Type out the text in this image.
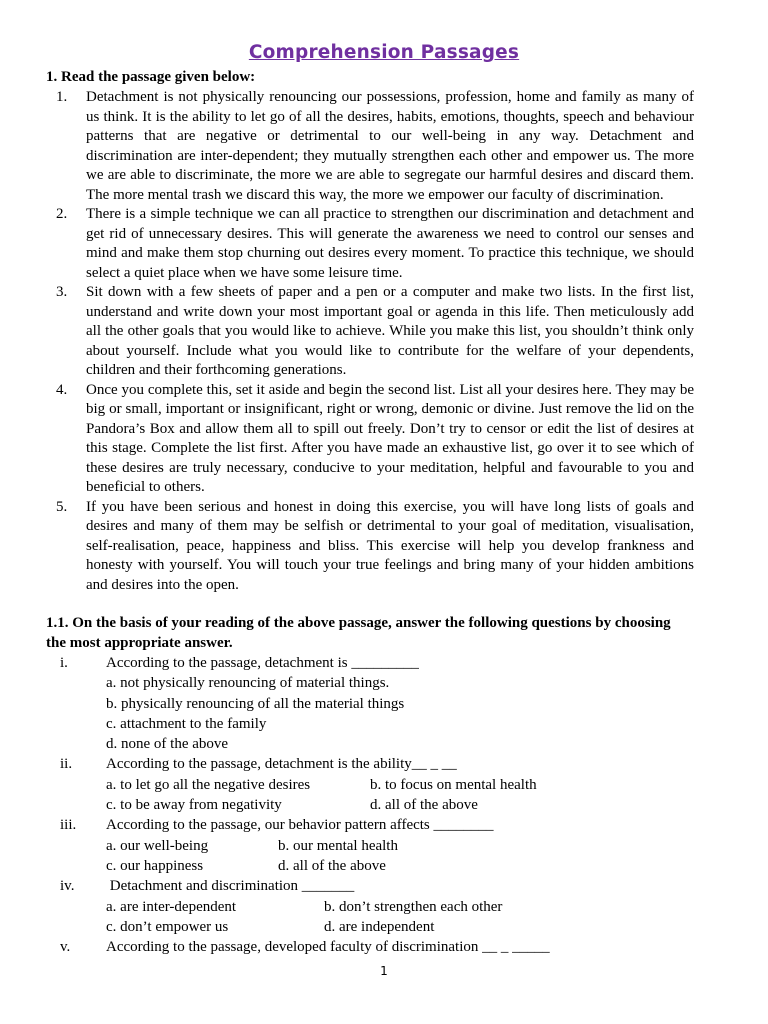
Comprehension Passages
1. Read the passage given below:
1.	Detachment is not physically renouncing our possessions, profession, home and family as many of us think. It is the ability to let go of all the desires, habits, emotions, thoughts, speech and behaviour patterns that are negative or detrimental to our well-being in any way. Detachment and discrimination are inter-dependent; they mutually strengthen each other and empower us. The more we are able to discriminate, the more we are able to segregate our harmful desires and discard them. The more mental trash we discard this way, the more we empower our faculty of discrimination.
2.	There is a simple technique we can all practice to strengthen our discrimination and detachment and get rid of unnecessary desires. This will generate the awareness we need to control our senses and mind and make them stop churning out desires every moment. To practice this technique, we should select a quiet place when we have some leisure time.
3.	Sit down with a few sheets of paper and a pen or a computer and make two lists. In the first list, understand and write down your most important goal or agenda in this life. Then meticulously add all the other goals that you would like to achieve. While you make this list, you shouldn’t think only about yourself. Include what you would like to contribute for the welfare of your dependents, children and their forthcoming generations.
4.	Once you complete this, set it aside and begin the second list. List all your desires here. They may be big or small, important or insignificant, right or wrong, demonic or divine. Just remove the lid on the Pandora’s Box and allow them all to spill out freely. Don’t try to censor or edit the list of desires at this stage. Complete the list first. After you have made an exhaustive list, go over it to see which of these desires are truly necessary, conducive to your meditation, helpful and favourable to you and beneficial to others.
5.	If you have been serious and honest in doing this exercise, you will have long lists of goals and desires and many of them may be selfish or detrimental to your goal of meditation, visualisation, self-realisation, peace, happiness and bliss. This exercise will help you develop frankness and honesty with yourself. You will touch your true feelings and bring many of your hidden ambitions and desires into the open.
1.1. On the basis of your reading of the above passage, answer the following questions by choosing the most appropriate answer.
i.	According to the passage, detachment is _________
a. not physically renouncing of material things.
b. physically renouncing of all the material things
c. attachment to the family
d. none of the above
ii.	According to the passage, detachment is the ability__ _ __
a. to let go all the negative desires	b. to focus on mental health
c. to be away from negativity	d. all of the above
iii.	According to the passage, our behavior pattern affects ________
a. our well-being	b. our mental health
c. our happiness	d. all of the above
iv.	Detachment and discrimination _______
a. are inter-dependent	b. don’t strengthen each other
c. don’t empower us	d. are independent
v.	According to the passage, developed faculty of discrimination __ _ _____
1
